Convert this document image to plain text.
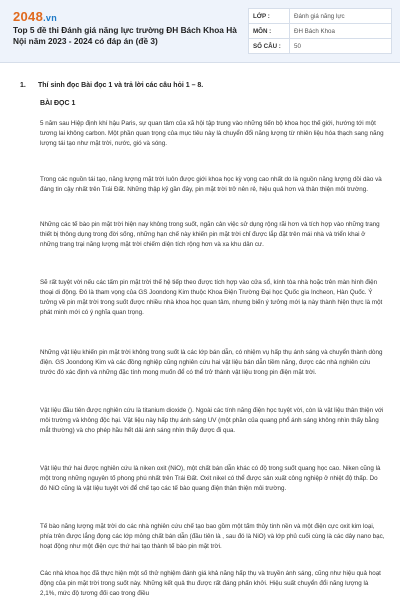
2048.vn
Top 5 đề thi Đánh giá năng lực trường ĐH Bách Khoa Hà Nội năm 2023 - 2024 có đáp án (đề 3)
LỚP :	Đánh giá năng lực
MÔN :	ĐH Bách Khoa
SỐ CÂU :	50
1. Thí sinh đọc Bài đọc 1 và trả lời các câu hỏi 1 – 8.
BÀI ĐỌC 1

5 năm sau Hiệp định khí hậu Paris, sự quan tâm của xã hội tập trung vào những tiến bộ khoa học thế giới, hướng tới một tương lai không carbon. Một phần quan trọng của mục tiêu này là chuyển đổi năng lượng từ nhiên liệu hóa thạch sang năng lượng tái tạo như mặt trời, nước, gió và sóng.

Trong các nguồn tái tạo, năng lượng mặt trời luôn được giới khoa học kỳ vọng cao nhất do là nguồn năng lượng dồi dào và đáng tin cậy nhất trên Trái Đất. Những thập kỷ gần đây, pin mặt trời trở nên rẻ, hiệu quả hơn và thân thiện môi trường.

Những các tế bào pin mặt trời hiện nay không trong suốt, ngăn cản việc sử dụng rộng rãi hơn và tích hợp vào những trang thiết bị thông dụng trong đời sống, những hạn chế này khiến pin mặt trời chỉ được lắp đặt trên mái nhà và triển khai ở những trang trại năng lượng mặt trời chiếm diện tích rộng hơn và xa khu dân cư.

Sẽ rất tuyệt vời nếu các tấm pin mặt trời thế hệ tiếp theo được tích hợp vào cửa sổ, kính tòa nhà hoặc trên màn hình điện thoại di động. Đó là tham vọng của GS Joondong Kim thuộc Khoa Điện Trường Đại học Quốc gia Incheon, Hàn Quốc. Ý tưởng về pin mặt trời trong suốt được nhiều nhà khoa học quan tâm, nhưng biến ý tưởng mới lạ này thành hiện thực là một phát minh mới có ý nghĩa quan trọng.

Những vật liệu khiến pin mặt trời không trong suốt là các lớp bán dẫn, có nhiệm vụ hấp thụ ánh sáng và chuyển thành dòng điện. GS Joondong Kim và các đồng nghiệp cũng nghiên cứu hai vật liệu bán dẫn tiềm năng, được các nhà nghiên cứu trước đó xác định và những đặc tính mong muốn để có thể trở thành vật liệu trong pin điện mặt trời.

Vật liệu đầu tiên được nghiên cứu là titanium dioxide (). Ngoài các tính năng điện học tuyệt vời, còn là vật liệu thân thiện với môi trường và không độc hại. Vật liệu này hấp thụ ánh sáng UV (một phần của quang phổ ánh sáng không nhìn thấy bằng mắt thường) và cho phép hầu hết dải ánh sáng nhìn thấy được đi qua.

Vật liệu thứ hai được nghiên cứu là niken oxit (NiO), một chất bán dẫn khác có độ trong suốt quang học cao. Niken cũng là một trong những nguyên tố phong phú nhất trên Trái Đất. Oxit nikel có thể được sản xuất công nghiệp ở nhiệt độ thấp. Do đó NiO cũng là vật liệu tuyệt vời để chế tạo các tế bào quang điện thân thiện môi trường.

Tế bào năng lượng mặt trời do các nhà nghiên cứu chế tạo bao gồm một tấm thủy tinh nền và một điện cực oxit kim loại, phía trên được lắng đọng các lớp mỏng chất bán dẫn (đầu tiên là , sau đó là NiO) và lớp phủ cuối cùng là các dây nano bạc, hoạt động như một điện cực thứ hai tạo thành tế bào pin mặt trời.

Các nhà khoa học đã thực hiện một số thử nghiệm đánh giá khả năng hấp thụ và truyền ánh sáng, cũng như hiệu quả hoạt động của pin mặt trời trong suốt này. Những kết quả thu được rất đáng phấn khởi. Hiệu suất chuyển đổi năng lượng là 2,1%, mức độ tương đối cao trong điều
